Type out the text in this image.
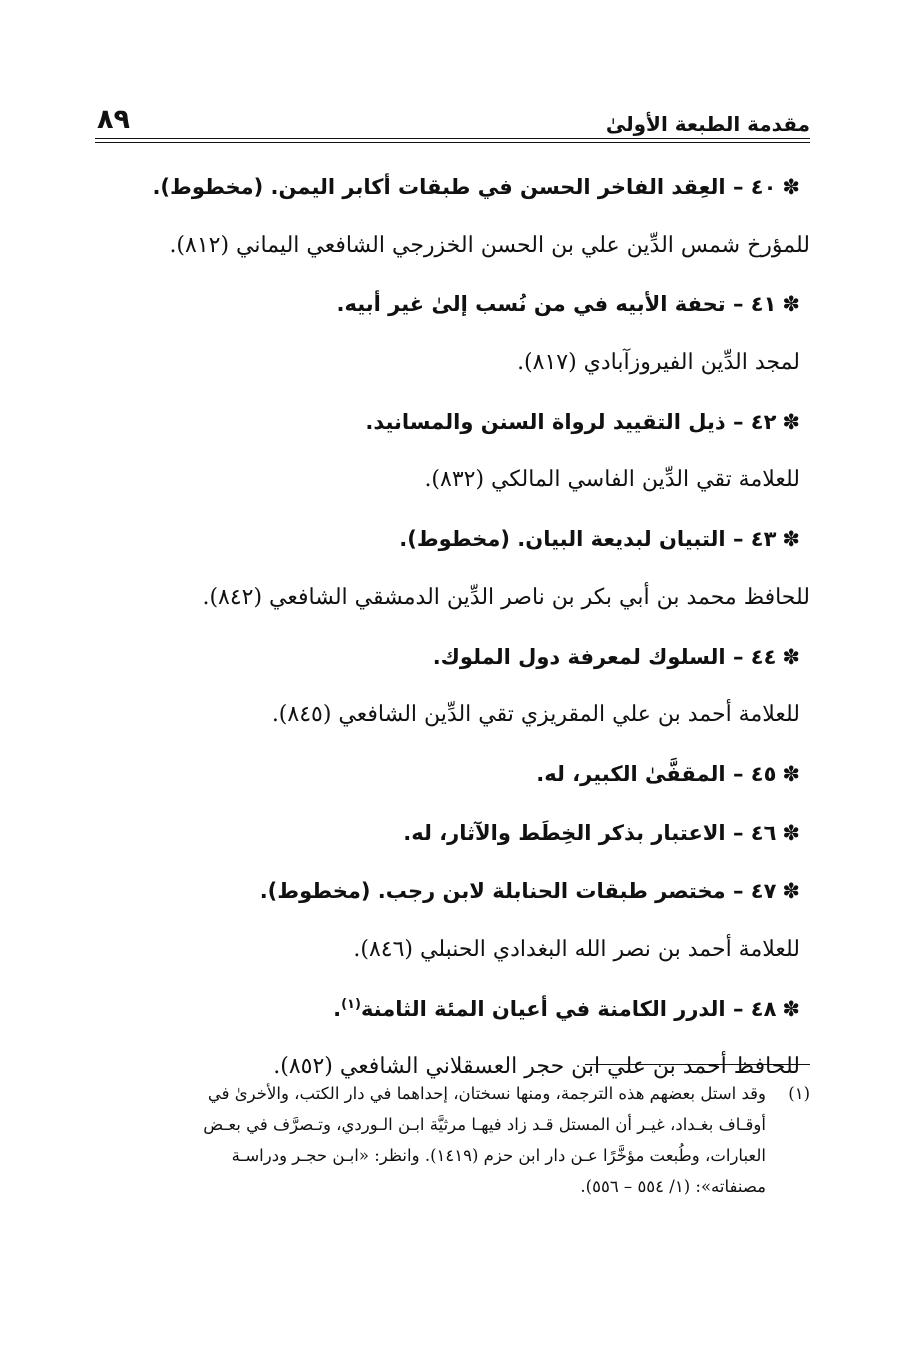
مقدمة الطبعة الأولىٰ
٨٩
✽٤٠ – العِقد الفاخر الحسن في طبقات أكابر اليمن. (مخطوط).
للمؤرخ شمس الدِّين علي بن الحسن الخزرجي الشافعي اليماني (٨١٢).
✽٤١ – تحفة الأبيه في من نُسب إلىٰ غير أبيه.
لمجد الدِّين الفيروزآبادي (٨١٧).
✽٤٢ – ذيل التقييد لرواة السنن والمسانيد.
للعلامة تقي الدِّين الفاسي المالكي (٨٣٢).
✽٤٣ – التبيان لبديعة البيان. (مخطوط).
للحافظ محمد بن أبي بكر بن ناصر الدِّين الدمشقي الشافعي (٨٤٢).
✽٤٤ – السلوك لمعرفة دول الملوك.
للعلامة أحمد بن علي المقريزي تقي الدِّين الشافعي (٨٤٥).
✽٤٥ – المقفَّىٰ الكبير، له.
✽٤٦ – الاعتبار بذكر الخِطَط والآثار، له.
✽٤٧ – مختصر طبقات الحنابلة لابن رجب. (مخطوط).
للعلامة أحمد بن نصر الله البغدادي الحنبلي (٨٤٦).
✽٤٨ – الدرر الكامنة في أعيان المئة الثامنة$^{(١)}$.
للحافظ أحمد بن علي ابن حجر العسقلاني الشافعي (٨٥٢).
(١)
وقد استل بعضهم هذه الترجمة، ومنها نسختان، إحداهما في دار الكتب، والأخرىٰ في
أوقـاف بغـداد، غيـر أن المستل قـد زاد فيهـا مرثيَّة ابـن الـوردي، وتـصرَّف في بعـض
العبارات، وطُبعت مؤخَّرًا عـن دار ابن حزم (١٤١٩). وانظر: «ابـن حجـر ودراسـة
مصنفاته»: (١/ ٥٥٤ – ٥٥٦).
